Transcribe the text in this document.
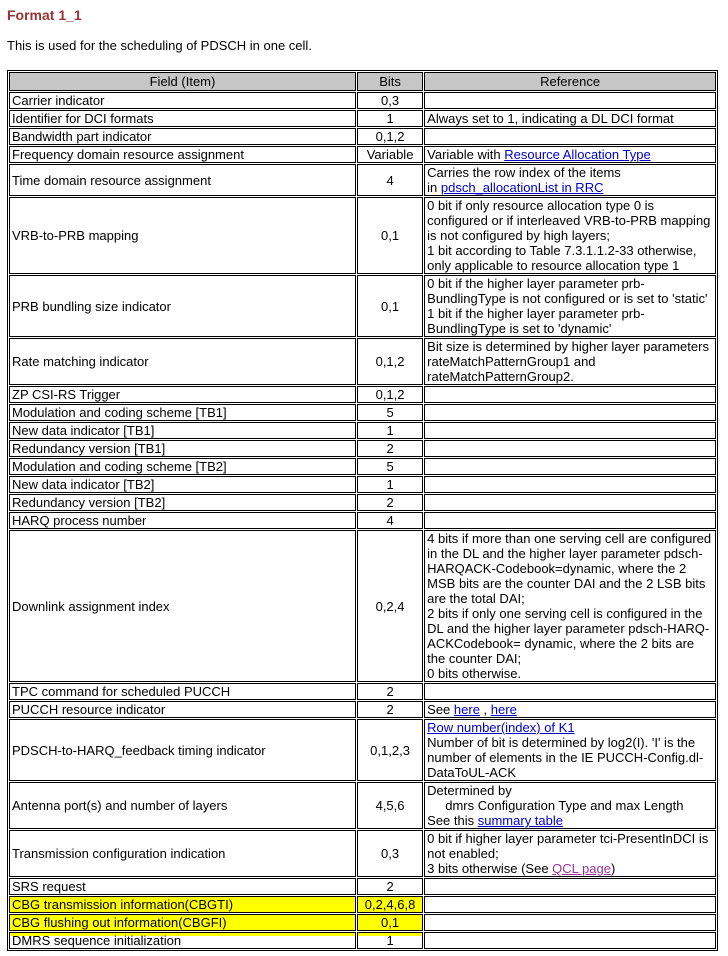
Format 1_1
This is used for the scheduling of PDSCH in one cell.
Field (Item)	Bits	Reference
Carrier indicator	0,3	
Identifier for DCI formats	1	Always set to 1, indicating a DL DCI format
Bandwidth part indicator	0,1,2	
Frequency domain resource assignment	Variable	Variable with Resource Allocation Type
Time domain resource assignment	4	Carries the row index of the items
in pdsch_allocationList in RRC
VRB-to-PRB mapping	0,1	0 bit if only resource allocation type 0 is configured or if interleaved VRB-to-PRB mapping is not configured by high layers;
1 bit according to Table 7.3.1.1.2-33 otherwise, only applicable to resource allocation type 1
PRB bundling size indicator	0,1	0 bit if the higher layer parameter prb-BundlingType is not configured or is set to 'static'
1 bit if the higher layer parameter prb-BundlingType is set to 'dynamic'
Rate matching indicator	0,1,2	Bit size is determined by higher layer parameters rateMatchPatternGroup1 and rateMatchPatternGroup2.
ZP CSI-RS Trigger	0,1,2	
Modulation and coding scheme [TB1]	5	
New data indicator [TB1]	1	
Redundancy version [TB1]	2	
Modulation and coding scheme [TB2]	5	
New data indicator [TB2]	1	
Redundancy version [TB2]	2	
HARQ process number	4	
Downlink assignment index	0,2,4	4 bits if more than one serving cell are configured in the DL and the higher layer parameter pdsch-HARQACK-Codebook=dynamic, where the 2 MSB bits are the counter DAI and the 2 LSB bits are the total DAI;
2 bits if only one serving cell is configured in the DL and the higher layer parameter pdsch-HARQ-ACKCodebook= dynamic, where the 2 bits are the counter DAI;
0 bits otherwise.
TPC command for scheduled PUCCH	2	
PUCCH resource indicator	2	See here , here
PDSCH-to-HARQ_feedback timing indicator	0,1,2,3	Row number(index) of K1
Number of bit is determined by log2(I). 'I' is the number of elements in the IE PUCCH-Config.dl-DataToUL-ACK
Antenna port(s) and number of layers	4,5,6	Determined by
dmrs Configuration Type and max Length
See this summary table
Transmission configuration indication	0,3	0 bit if higher layer parameter tci-PresentInDCI is not enabled;
3 bits otherwise (See QCL page)
SRS request	2	
CBG transmission information(CBGTI)	0,2,4,6,8	
CBG flushing out information(CBGFI)	0,1	
DMRS sequence initialization	1	
